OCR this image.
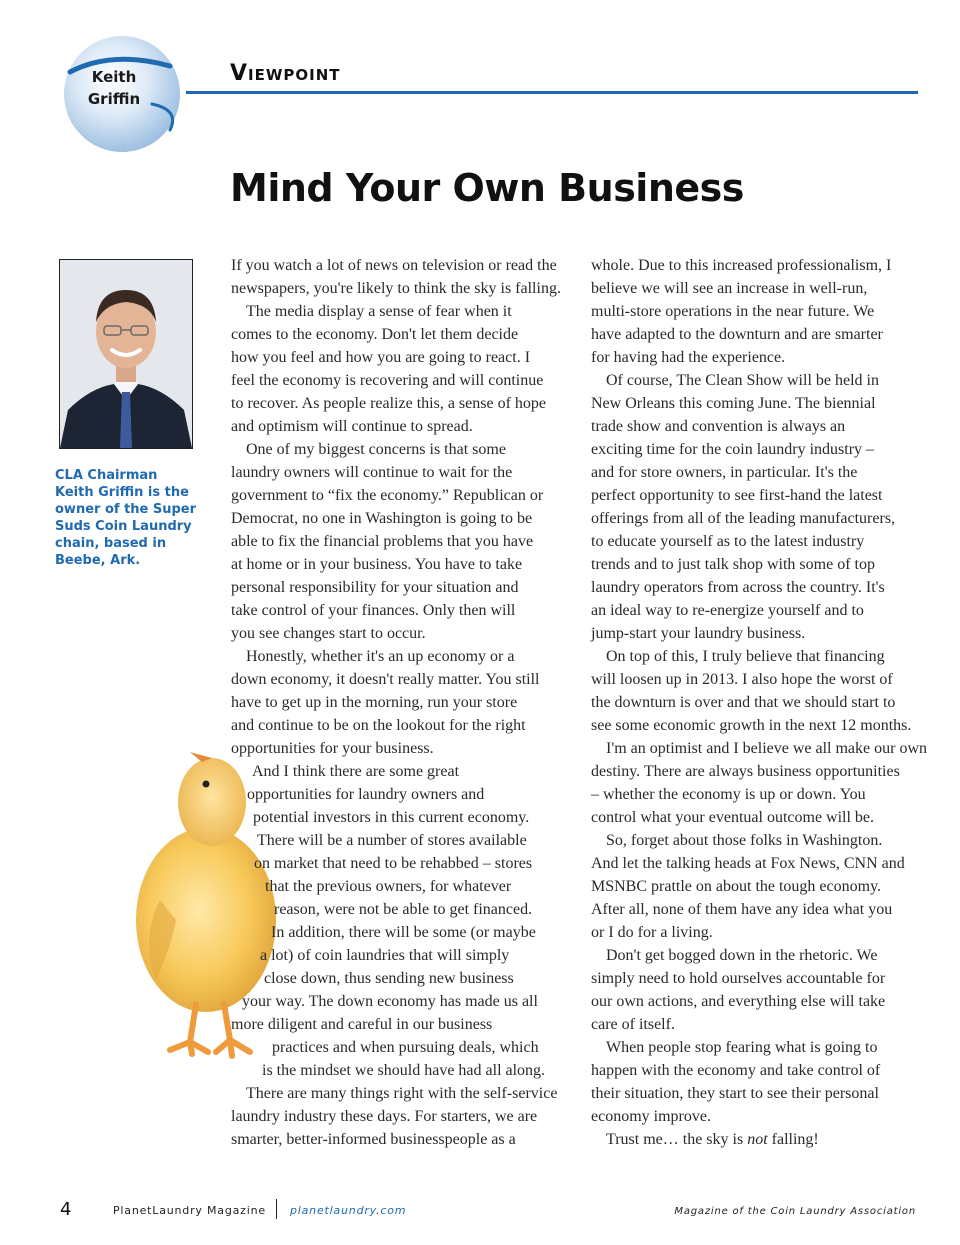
Keith
Griffin
Viewpoint
Mind Your Own Business
CLA Chairman Keith Griffin is the owner of the Super Suds Coin Laundry chain, based in Beebe, Ark.
If you watch a lot of news on television or read the
newspapers, you're likely to think the sky is falling.
The media display a sense of fear when it
comes to the economy. Don't let them decide
how you feel and how you are going to react. I
feel the economy is recovering and will continue
to recover. As people realize this, a sense of hope
and optimism will continue to spread.
One of my biggest concerns is that some
laundry owners will continue to wait for the
government to “fix the economy.” Republican or
Democrat, no one in Washington is going to be
able to fix the financial problems that you have
at home or in your business. You have to take
personal responsibility for your situation and
take control of your finances. Only then will
you see changes start to occur.
Honestly, whether it's an up economy or a
down economy, it doesn't really matter. You still
have to get up in the morning, run your store
and continue to be on the lookout for the right
opportunities for your business.
And I think there are some great
opportunities for laundry owners and
potential investors in this current economy.
There will be a number of stores available
on market that need to be rehabbed – stores
that the previous owners, for whatever
reason, were not be able to get financed.
In addition, there will be some (or maybe
a lot) of coin laundries that will simply
close down, thus sending new business
your way. The down economy has made us all
more diligent and careful in our business
practices and when pursuing deals, which
is the mindset we should have had all along.
There are many things right with the self-service
laundry industry these days. For starters, we are
smarter, better-informed businesspeople as a
whole. Due to this increased professionalism, I
believe we will see an increase in well-run,
multi-store operations in the near future. We
have adapted to the downturn and are smarter
for having had the experience.
Of course, The Clean Show will be held in
New Orleans this coming June. The biennial
trade show and convention is always an
exciting time for the coin laundry industry –
and for store owners, in particular. It's the
perfect opportunity to see first-hand the latest
offerings from all of the leading manufacturers,
to educate yourself as to the latest industry
trends and to just talk shop with some of top
laundry operators from across the country. It's
an ideal way to re-energize yourself and to
jump-start your laundry business.
On top of this, I truly believe that financing
will loosen up in 2013. I also hope the worst of
the downturn is over and that we should start to
see some economic growth in the next 12 months.
I'm an optimist and I believe we all make our own
destiny. There are always business opportunities
– whether the economy is up or down. You
control what your eventual outcome will be.
So, forget about those folks in Washington.
And let the talking heads at Fox News, CNN and
MSNBC prattle on about the tough economy.
After all, none of them have any idea what you
or I do for a living.
Don't get bogged down in the rhetoric. We
simply need to hold ourselves accountable for
our own actions, and everything else will take
care of itself.
When people stop fearing what is going to
happen with the economy and take control of
their situation, they start to see their personal
economy improve.
Trust me… the sky is not falling!
4	PlanetLaundry Magazine planetlaundry.com	Magazine of the Coin Laundry Association
